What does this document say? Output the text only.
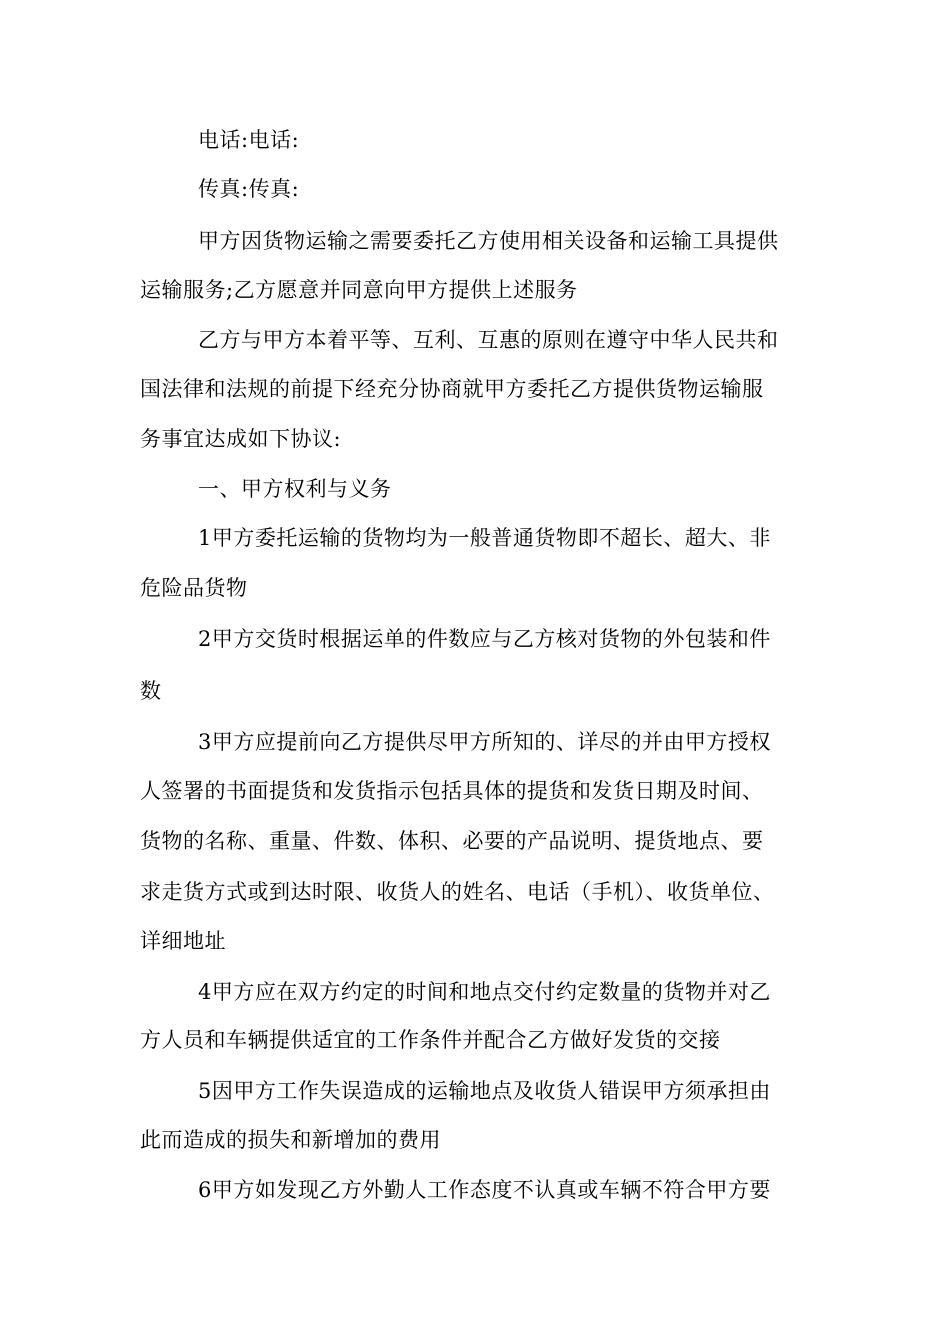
电话:电话:
传真:传真:
甲方因货物运输之需要委托乙方使用相关设备和运输工具提供
运输服务;乙方愿意并同意向甲方提供上述服务
乙方与甲方本着平等、互利、互惠的原则在遵守中华人民共和
国法律和法规的前提下经充分协商就甲方委托乙方提供货物运输服
务事宜达成如下协议:
一、甲方权利与义务
1甲方委托运输的货物均为一般普通货物即不超长、超大、非
危险品货物
2甲方交货时根据运单的件数应与乙方核对货物的外包装和件
数
3甲方应提前向乙方提供尽甲方所知的、详尽的并由甲方授权
人签署的书面提货和发货指示包括具体的提货和发货日期及时间、
货物的名称、重量、件数、体积、必要的产品说明、提货地点、要
求走货方式或到达时限、收货人的姓名、电话（手机）、收货单位、
详细地址
4甲方应在双方约定的时间和地点交付约定数量的货物并对乙
方人员和车辆提供适宜的工作条件并配合乙方做好发货的交接
5因甲方工作失误造成的运输地点及收货人错误甲方须承担由
此而造成的损失和新增加的费用
6甲方如发现乙方外勤人工作态度不认真或车辆不符合甲方要
